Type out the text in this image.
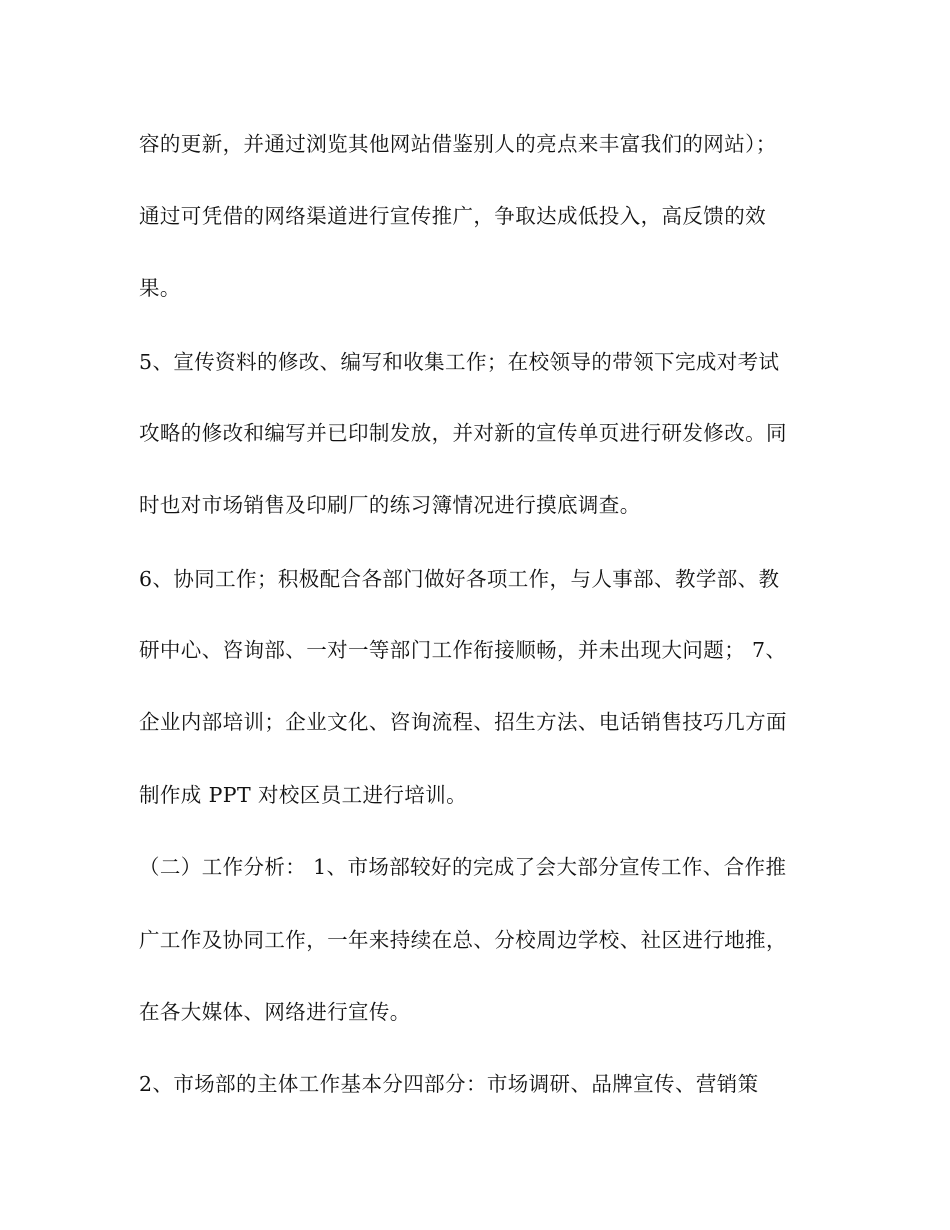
容的更新，并通过浏览其他网站借鉴别人的亮点来丰富我们的网站）；
通过可凭借的网络渠道进行宣传推广，争取达成低投入，高反馈的效
果。
5、宣传资料的修改、编写和收集工作；在校领导的带领下完成对考试
攻略的修改和编写并已印制发放，并对新的宣传单页进行研发修改。同
时也对市场销售及印刷厂的练习簿情况进行摸底调查。
6、协同工作；积极配合各部门做好各项工作，与人事部、教学部、教
研中心、咨询部、一对一等部门工作衔接顺畅，并未出现大问题； 7、
企业内部培训；企业文化、咨询流程、招生方法、电话销售技巧几方面
制作成 PPT 对校区员工进行培训。
（二）工作分析： 1、市场部较好的完成了会大部分宣传工作、合作推
广工作及协同工作，一年来持续在总、分校周边学校、社区进行地推，
在各大媒体、网络进行宣传。
2、市场部的主体工作基本分四部分：市场调研、品牌宣传、营销策
